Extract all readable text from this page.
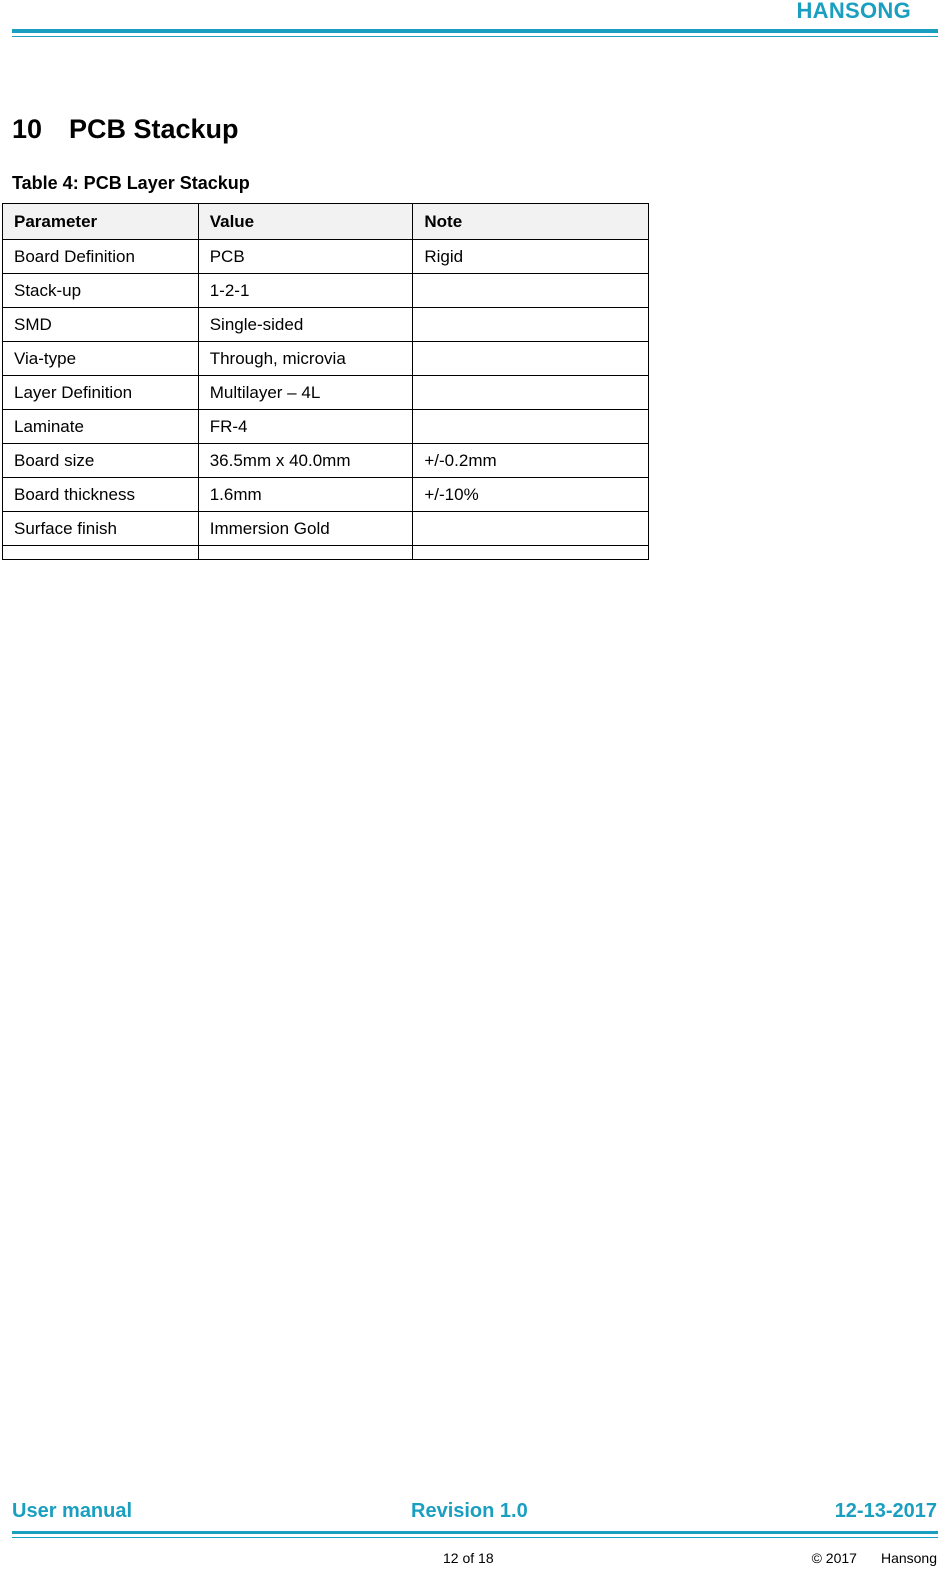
HANSONG
10 PCB Stackup

Table 4: PCB Layer Stackup

Parameter	Value	Note
Board Definition	PCB	Rigid
Stack-up	1-2-1	
SMD	Single-sided	
Via-type	Through, microvia	
Layer Definition	Multilayer – 4L	
Laminate	FR-4	
Board size	36.5mm x 40.0mm	+/-0.2mm
Board thickness	1.6mm	+/-10%
Surface finish	Immersion Gold	

User manual	Revision 1.0	12-13-2017
12 of 18	© 2017 Hansong
